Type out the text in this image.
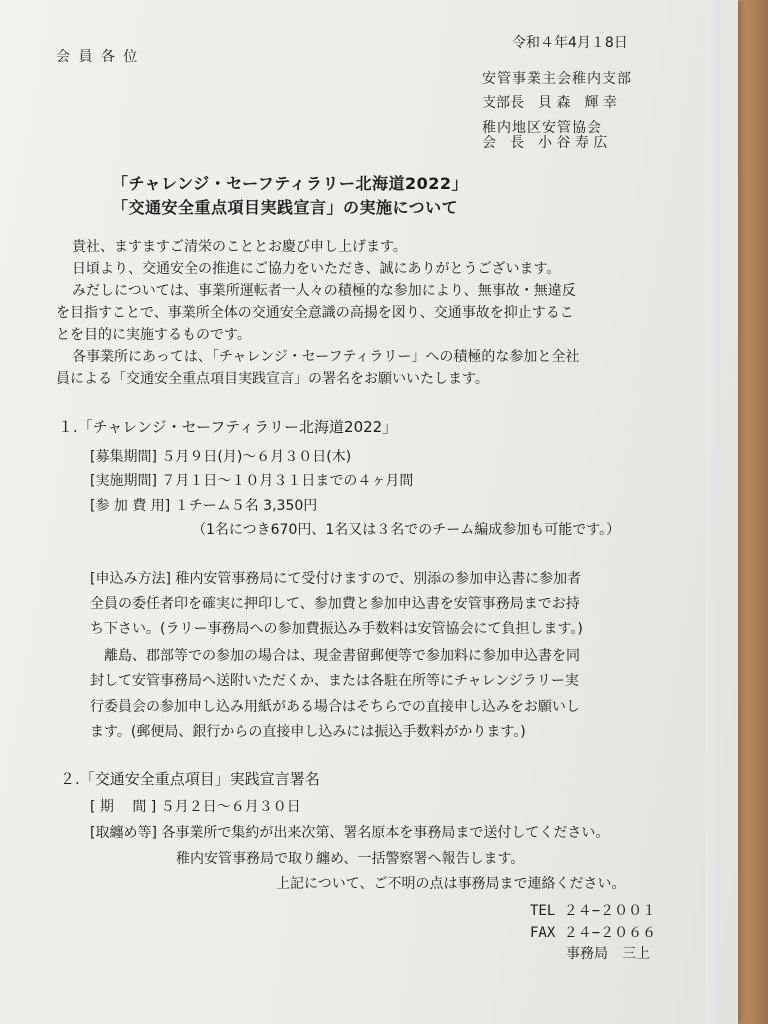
会 員 各 位
令和４年4月１8日
安管事業主会稚内支部
支部長　貝 森　輝 幸
稚内地区安管協会
会　長　小 谷 寿 広
「チャレンジ・セーフティラリー北海道2022」
「交通安全重点項目実践宣言」の実施について
貴社、ますますご清栄のこととお慶び申し上げます。
日頃より、交通安全の推進にご協力をいただき、誠にありがとうございます。
みだしについては、事業所運転者一人々の積極的な参加により、無事故・無違反
を目指すことで、事業所全体の交通安全意識の高揚を図り、交通事故を抑止するこ
とを目的に実施するものです。
各事業所にあっては、「チャレンジ・セーフティラリー」への積極的な参加と全社
員による「交通安全重点項目実践宣言」の署名をお願いいたします。
１.「チャレンジ・セーフティラリー北海道2022」
[募集期間] ５月９日(月)〜６月３０日(木)
[実施期間] ７月１日〜１０月３１日までの４ヶ月間
[参 加 費 用] １チーム５名 3,350円
（1名につき670円、1名又は３名でのチーム編成参加も可能です。）
[申込み方法] 稚内安管事務局にて受付けますので、別添の参加申込書に参加者
全員の委任者印を確実に押印して、参加費と参加申込書を安管事務局までお持
ち下さい。(ラリー事務局への参加費振込み手数料は安管協会にて負担します。)
離島、郡部等での参加の場合は、現金書留郵便等で参加料に参加申込書を同
封して安管事務局へ送附いただくか、または各駐在所等にチャレンジラリー実
行委員会の参加申し込み用紙がある場合はそちらでの直接申し込みをお願いし
ます。(郵便局、銀行からの直接申し込みには振込手数料がかります。)
２.「交通安全重点項目」実践宣言署名
[ 期　 間 ] ５月２日〜６月３０日
[取纏め等] 各事業所で集約が出来次第、署名原本を事務局まで送付してください。
稚内安管事務局で取り纏め、一括警察署へ報告します。
上記について、ご不明の点は事務局まで連絡ください。
TEL ２４−２００１
FAX ２４−２０６６
事務局　三上
